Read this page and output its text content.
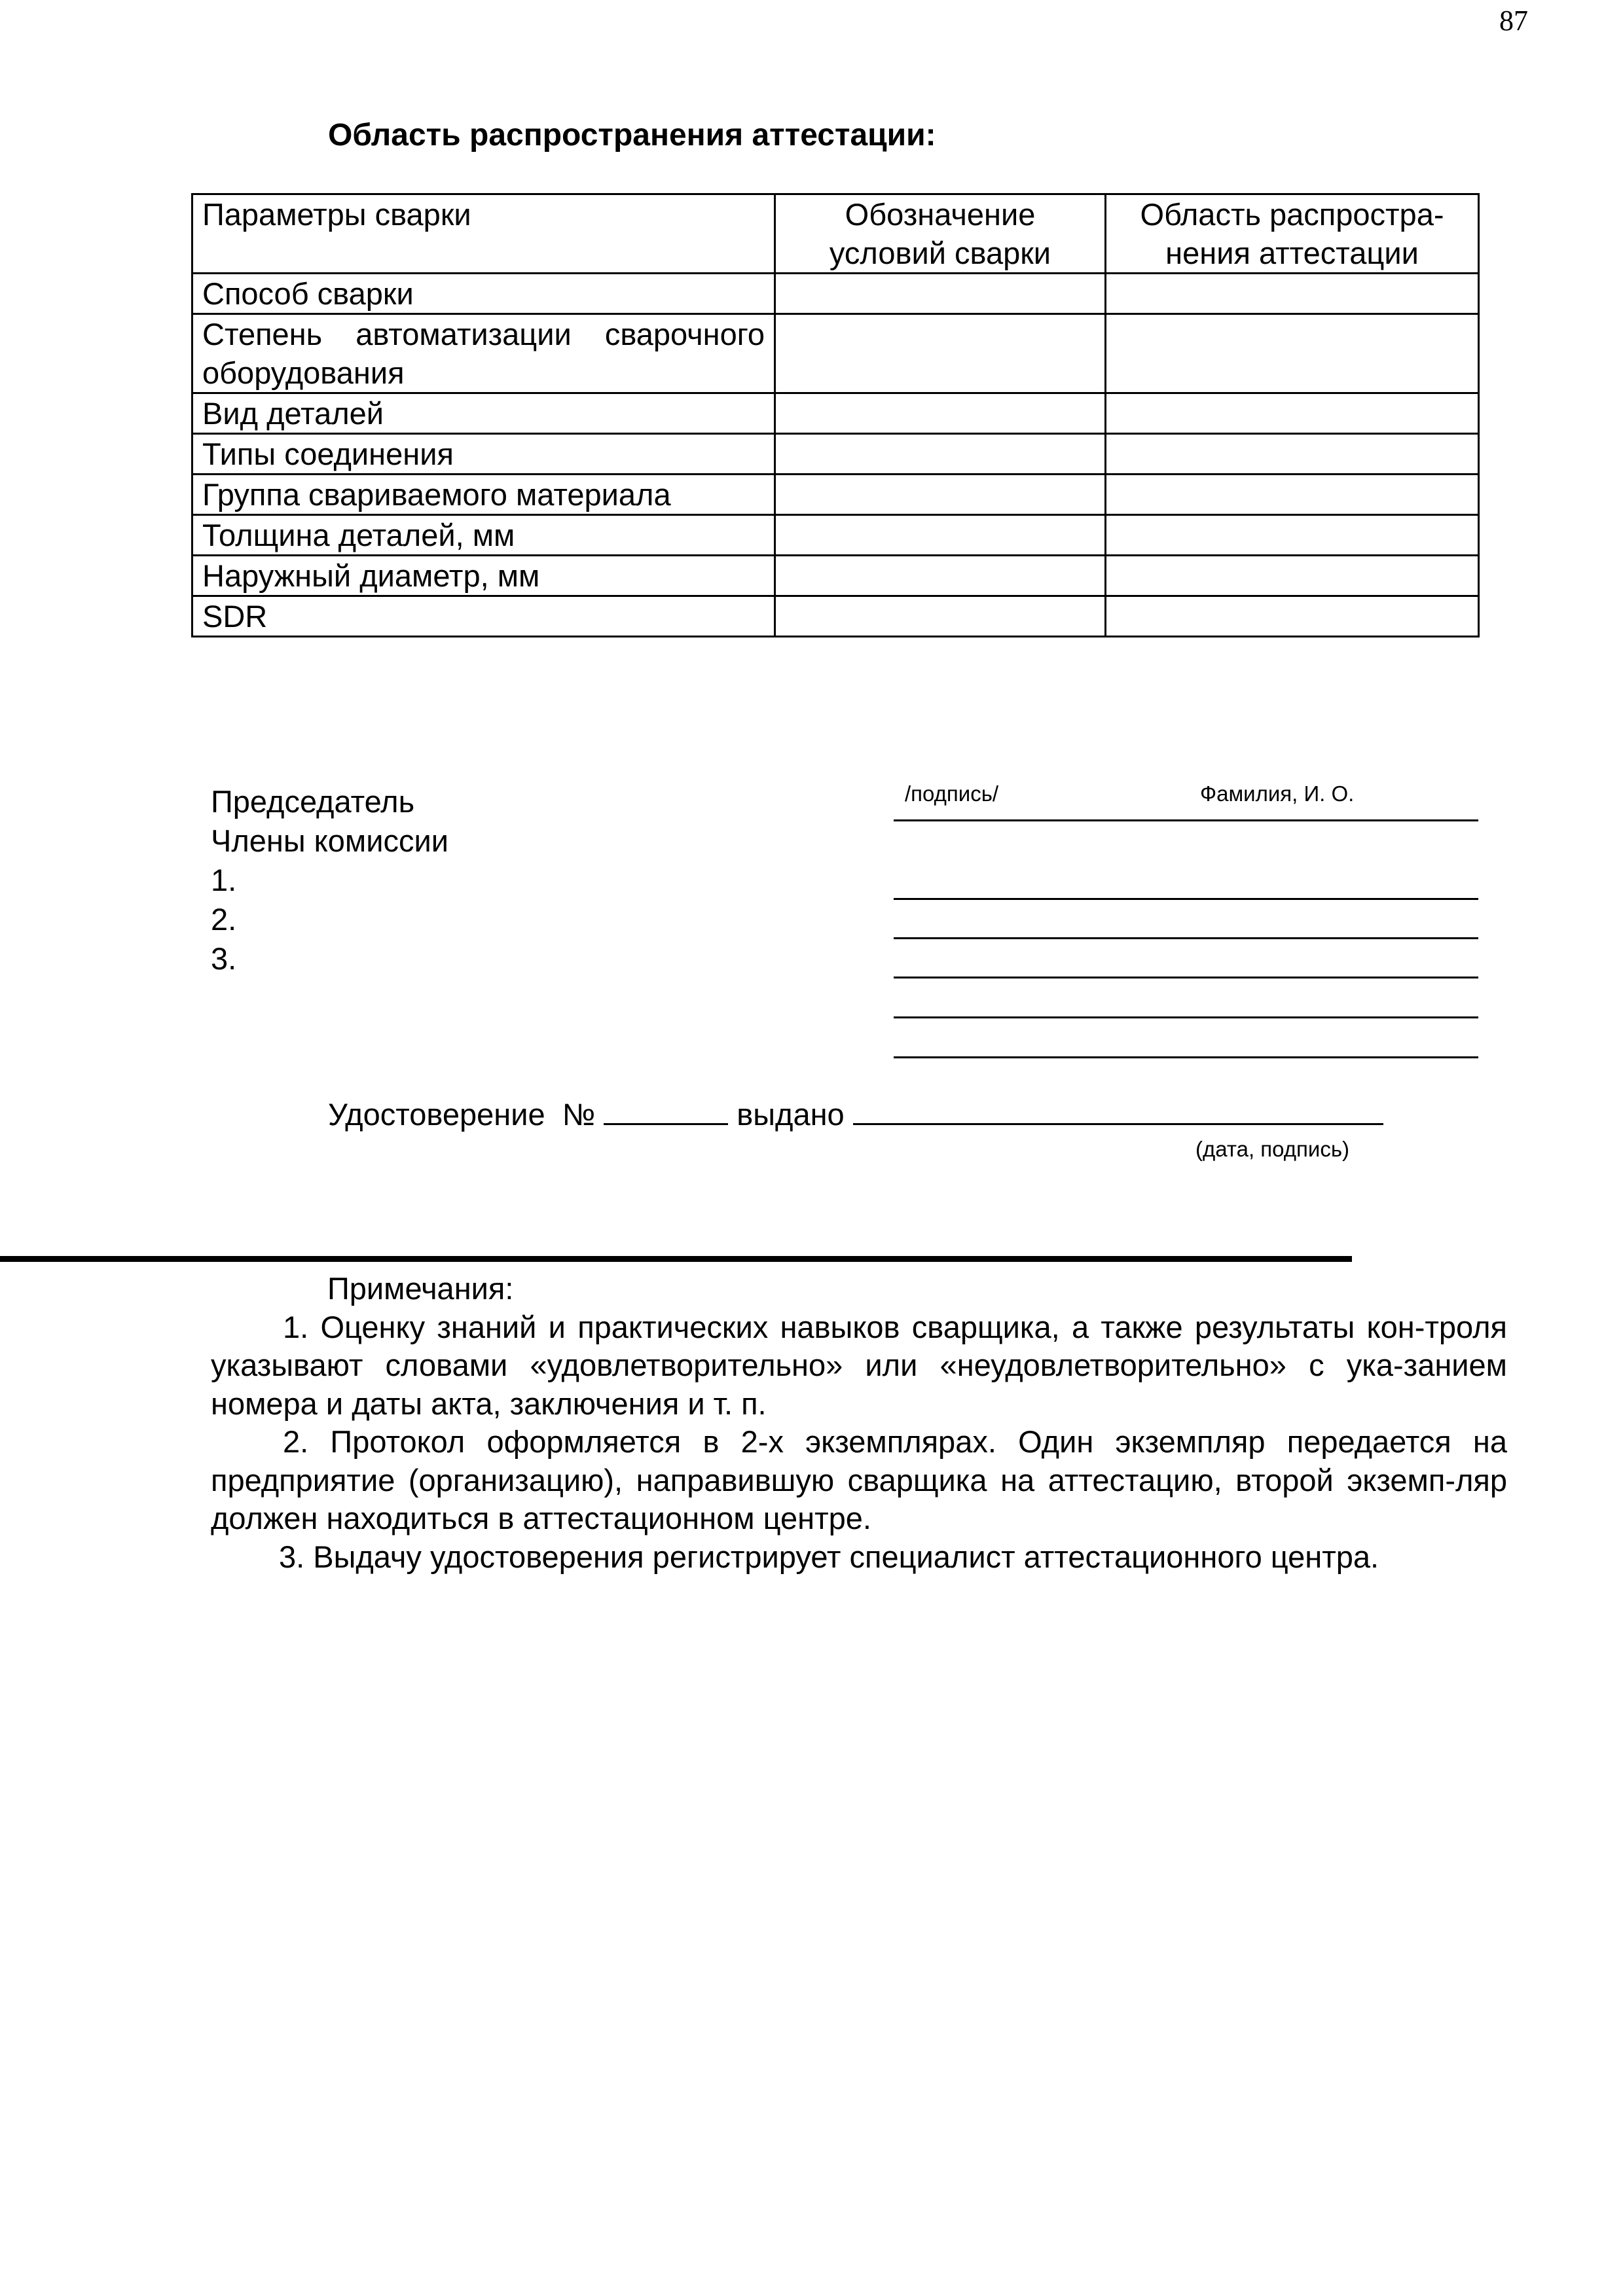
87
Область распространения аттестации:
Параметры сварки	Обозначение условий сварки	Область распростра-нения аттестации
Способ сварки		
Степень автоматизации сварочного оборудования		
Вид деталей		
Типы соединения		
Группа свариваемого материала		
Толщина деталей, мм		
Наружный диаметр, мм		
SDR		
/подпись/	Фамилия, И. О.
Председатель
Члены комиссии
1.
2.
3.
Удостоверение №	выдано
(дата, подпись)

Примечания:

1. Оценку знаний и практических навыков сварщика, а также результаты кон-троля указывают словами «удовлетворительно» или «неудовлетворительно» с ука-занием номера и даты акта, заключения и т. п.

2. Протокол оформляется в 2-х экземплярах. Один экземпляр передается на предприятие (организацию), направившую сварщика на аттестацию, второй экземп-ляр должен находиться в аттестационном центре.

3. Выдачу удостоверения регистрирует специалист аттестационного центра.
